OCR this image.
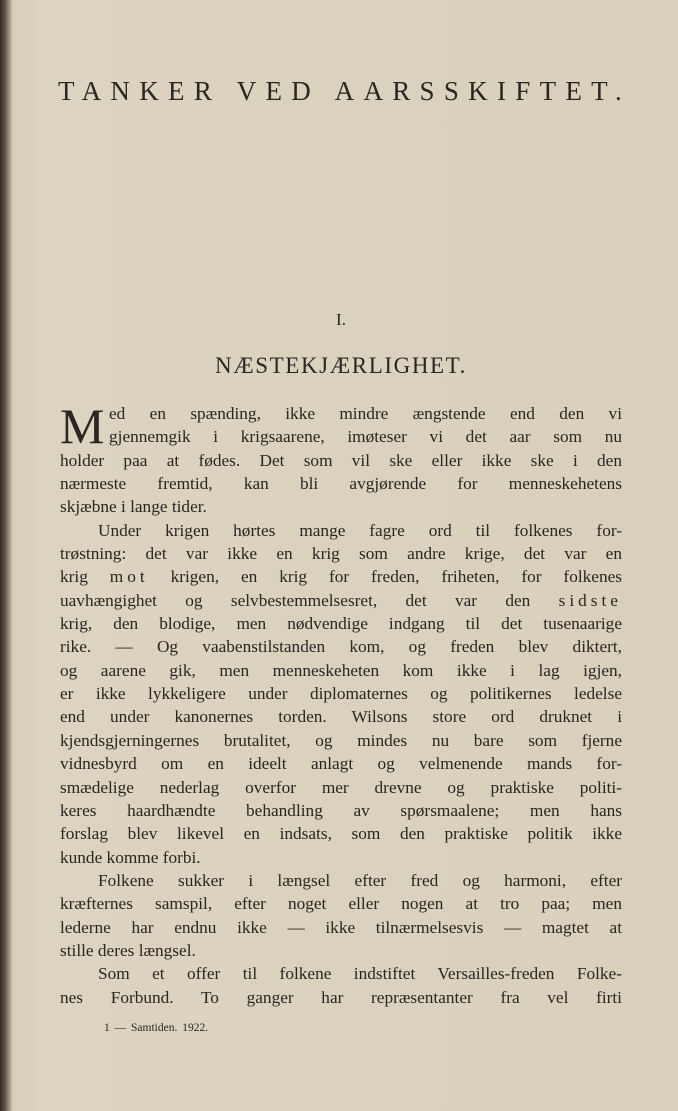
TANKER VED AARSSKIFTET.

I.

NÆSTEKJÆRLIGHET.
M ed en spænding, ikke mindre ængstende end den vi
gjennemgik i krigsaarene, imøteser vi det aar som nu
holder paa at fødes. Det som vil ske eller ikke ske i den
nærmeste fremtid, kan bli avgjørende for menneskehetens
skjæbne i lange tider.
Under krigen hørtes mange fagre ord til folkenes for-
trøstning: det var ikke en krig som andre krige, det var en
krig mot krigen, en krig for freden, friheten, for folkenes
uavhængighet og selvbestemmelsesret, det var den sidste
krig, den blodige, men nødvendige indgang til det tusenaarige
rike. — Og vaabenstilstanden kom, og freden blev diktert,
og aarene gik, men menneskeheten kom ikke i lag igjen,
er ikke lykkeligere under diplomaternes og politikernes ledelse
end under kanonernes torden. Wilsons store ord druknet i
kjendsgjerningernes brutalitet, og mindes nu bare som fjerne
vidnesbyrd om en ideelt anlagt og velmenende mands for-
smædelige nederlag overfor mer drevne og praktiske politi-
keres haardhændte behandling av spørsmaalene; men hans
forslag blev likevel en indsats, som den praktiske politik ikke
kunde komme forbi.
Folkene sukker i længsel efter fred og harmoni, efter
kræfternes samspil, efter noget eller nogen at tro paa; men
lederne har endnu ikke — ikke tilnærmelsesvis — magtet at
stille deres længsel.
Som et offer til folkene indstiftet Versailles-freden Folke-
nes Forbund. To ganger har repræsentanter fra vel firti
1 — Samtiden. 1922.
